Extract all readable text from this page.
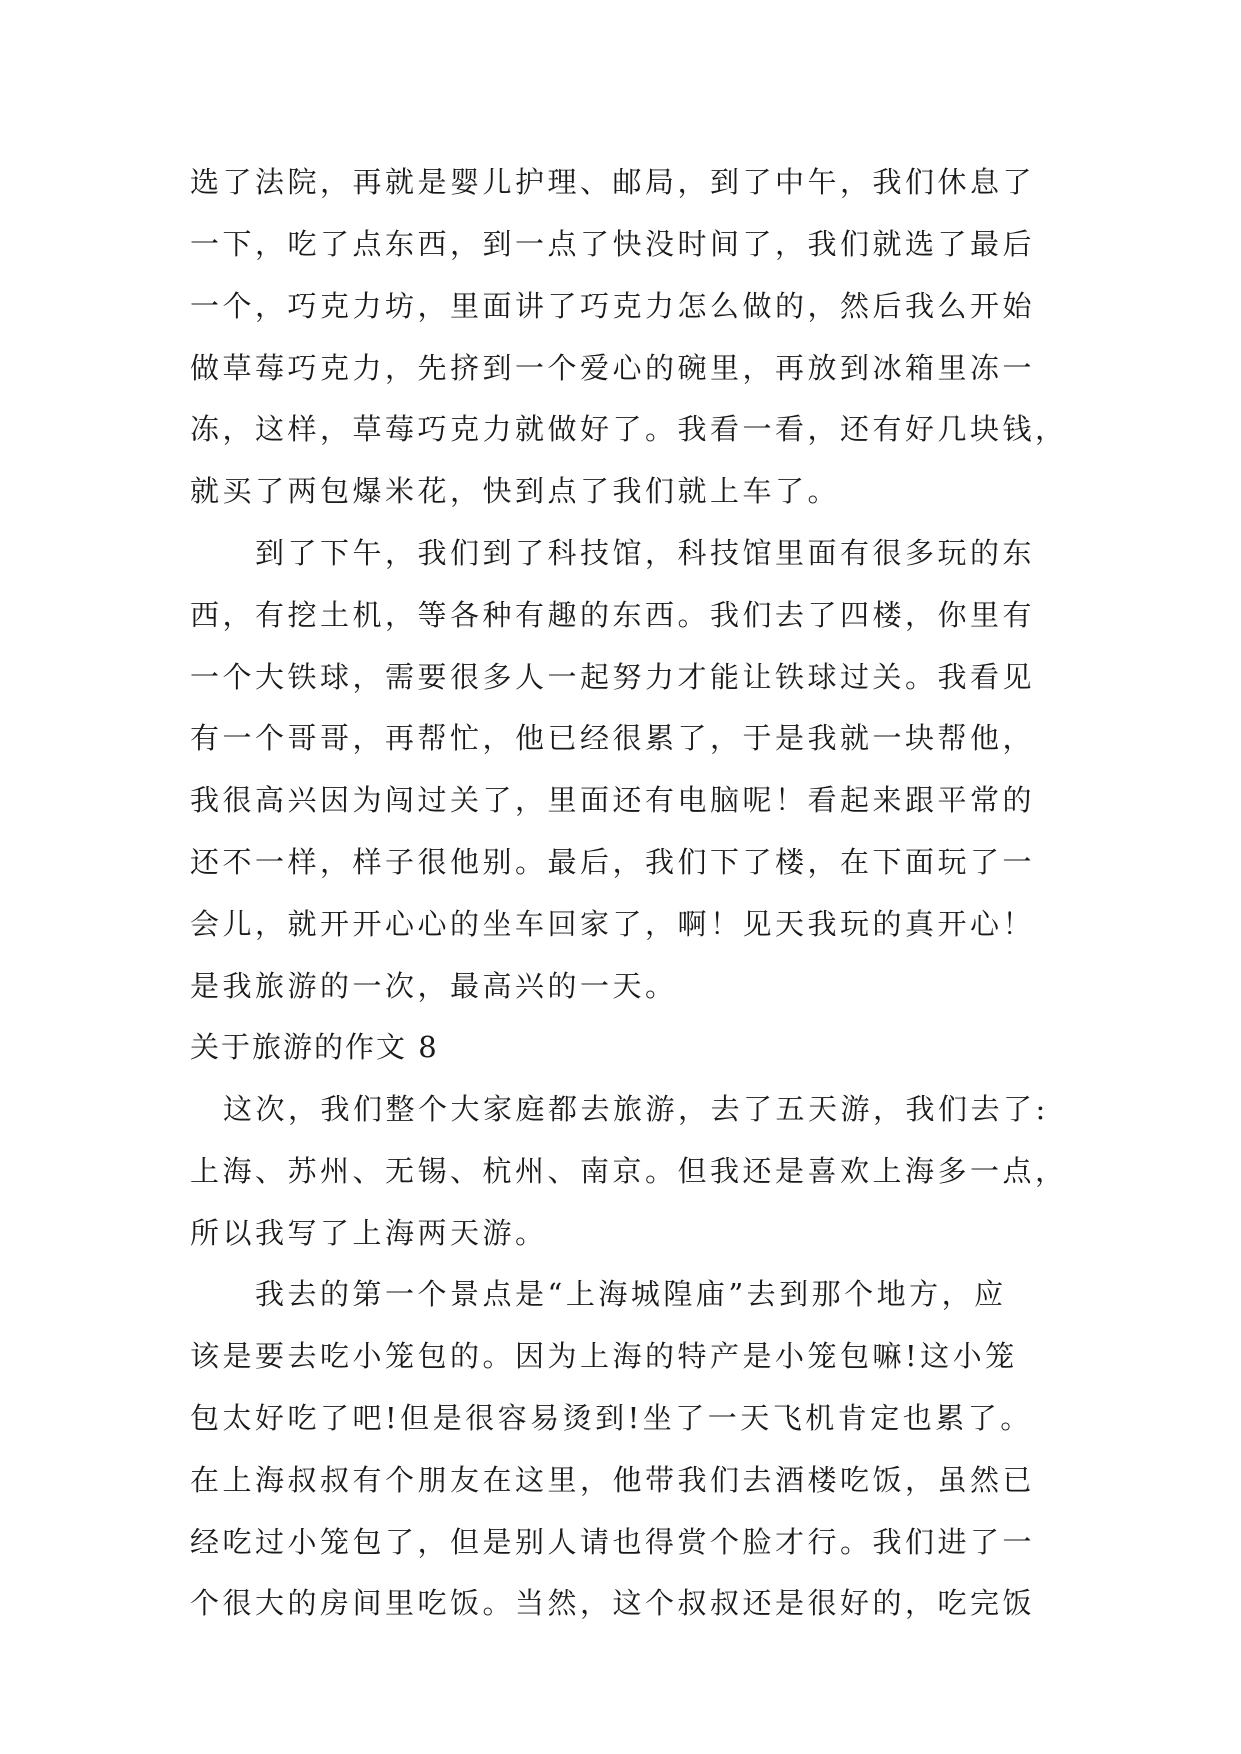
选了法院，再就是婴儿护理、邮局，到了中午，我们休息了
一下，吃了点东西，到一点了快没时间了，我们就选了最后
一个，巧克力坊，里面讲了巧克力怎么做的，然后我么开始
做草莓巧克力，先挤到一个爱心的碗里，再放到冰箱里冻一
冻，这样，草莓巧克力就做好了。我看一看，还有好几块钱，
就买了两包爆米花，快到点了我们就上车了。
到了下午，我们到了科技馆，科技馆里面有很多玩的东
西，有挖土机，等各种有趣的东西。我们去了四楼，你里有
一个大铁球，需要很多人一起努力才能让铁球过关。我看见
有一个哥哥，再帮忙，他已经很累了，于是我就一块帮他，
我很高兴因为闯过关了，里面还有电脑呢！看起来跟平常的
还不一样，样子很他别。最后，我们下了楼，在下面玩了一
会儿，就开开心心的坐车回家了，啊！见天我玩的真开心！
是我旅游的一次，最高兴的一天。
关于旅游的作文 8
这次，我们整个大家庭都去旅游，去了五天游，我们去了:
上海、苏州、无锡、杭州、南京。但我还是喜欢上海多一点，
所以我写了上海两天游。
我去的第一个景点是“上海城隍庙”去到那个地方，应
该是要去吃小笼包的。因为上海的特产是小笼包嘛!这小笼
包太好吃了吧!但是很容易烫到!坐了一天飞机肯定也累了。
在上海叔叔有个朋友在这里，他带我们去酒楼吃饭，虽然已
经吃过小笼包了，但是别人请也得赏个脸才行。我们进了一
个很大的房间里吃饭。当然，这个叔叔还是很好的，吃完饭
